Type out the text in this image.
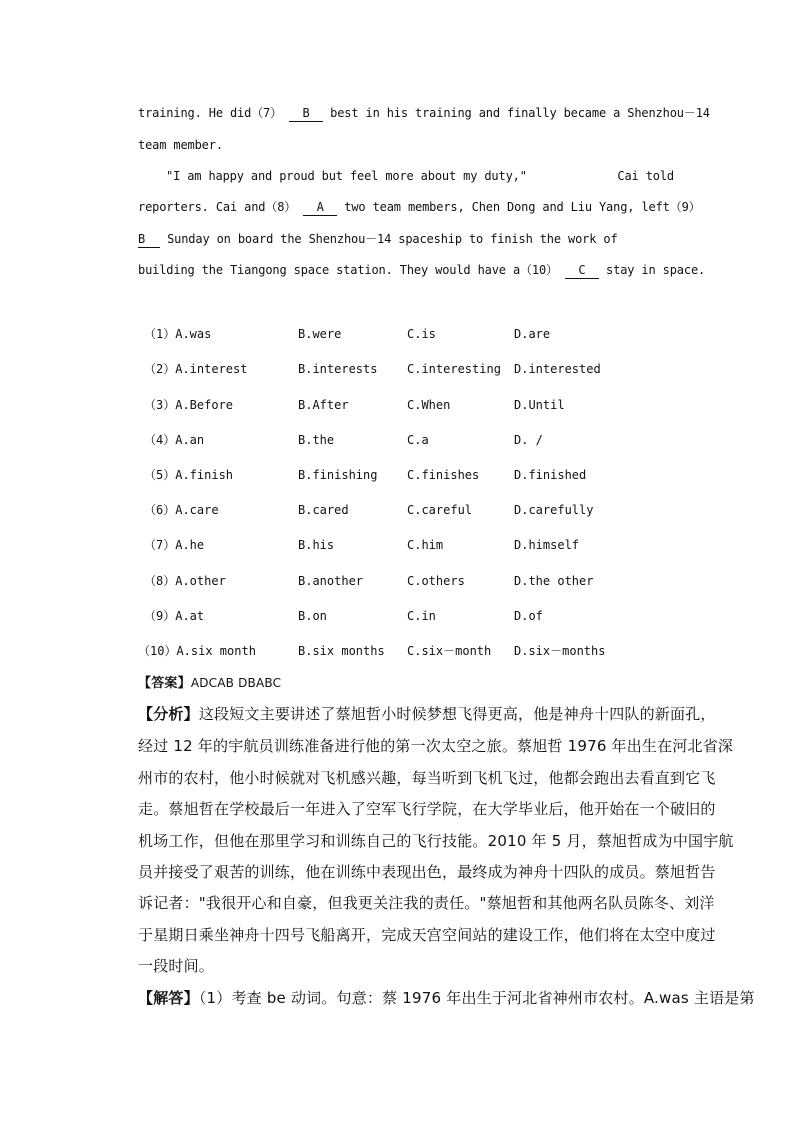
training. He did（7） B best in his training and finally became a Shenzhou－14
team member.
"I am happy and proud but feel more about my duty,"	Cai told
reporters. Cai and（8） A two team members, Chen Dong and Liu Yang, left（9）
B Sunday on board the Shenzhou－14 spaceship to finish the work of
building the Tiangong space station. They would have a（10） C stay in space.
（1）A.was	B.were	C.is	D.are
（2）A.interest	B.interests C.interesting D.interested
（3）A.Before	B.After	C.When	D.Until
（4）A.an	B.the	C.a	D. /
（5）A.finish	B.finishing C.finishes	D.finished
（6）A.care	B.cared	C.careful	D.carefully
（7）A.he	B.his	C.him	D.himself
（8）A.other	B.another	C.others	D.the other
（9）A.at	B.on	C.in	D.of
（10）A.six month	B.six months C.six－month D.six－months
【答案】ADCAB DBABC
【分析】这段短文主要讲述了蔡旭哲小时候梦想飞得更高，他是神舟十四队的新面孔，
经过 12 年的宇航员训练准备进行他的第一次太空之旅。蔡旭哲 1976 年出生在河北省深
州市的农村，他小时候就对飞机感兴趣，每当听到飞机飞过，他都会跑出去看直到它飞
走。蔡旭哲在学校最后一年进入了空军飞行学院，在大学毕业后，他开始在一个破旧的
机场工作，但他在那里学习和训练自己的飞行技能。2010 年 5 月，蔡旭哲成为中国宇航
员并接受了艰苦的训练，他在训练中表现出色，最终成为神舟十四队的成员。蔡旭哲告
诉记者："我很开心和自豪，但我更关注我的责任。"蔡旭哲和其他两名队员陈冬、刘洋
于星期日乘坐神舟十四号飞船离开，完成天宫空间站的建设工作，他们将在太空中度过
一段时间。
【解答】（1）考查 be 动词。句意：蔡 1976 年出生于河北省神州市农村。A.was 主语是第
